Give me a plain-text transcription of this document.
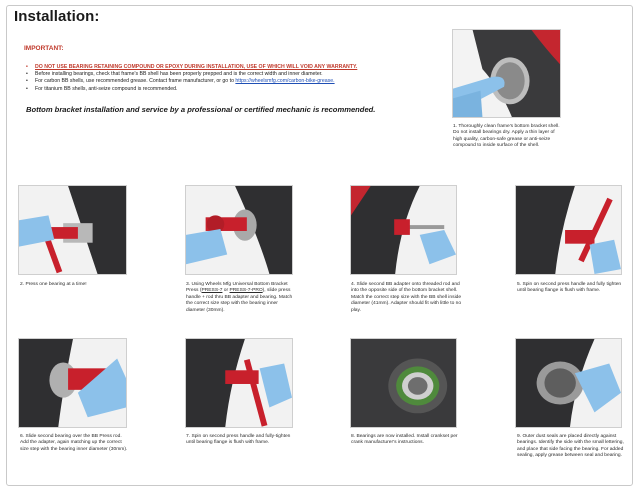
Installation:
IMPORTANT:
• DO NOT USE BEARING RETAINING COMPOUND OR EPOXY DURING INSTALLATION, USE OF WHICH WILL VOID ANY WARRANTY.
• Before installing bearings, check that frame's BB shell has been properly prepped and is the correct width and inner diameter.
• For carbon BB shells, use recommended grease. Contact frame manufacturer, or go to https://wheelsmfg.com/carbon-bike-grease.
• For titanium BB shells, anti-seize compound is recommended.
Bottom bracket installation and service by a professional or certified mechanic is recommended.
1. Thoroughly clean frame's bottom bracket shell. Do not install bearings dry. Apply a thin layer of high quality, carbon-safe grease or anti-seize compound to inside surface of the shell.
2. Press one bearing at a time!	3. Using Wheels Mfg Universal Bottom Bracket Press (PRESS-7 or PRESS-7-PRO), slide press handle + rod thru BB adapter and bearing. Match the correct size step with the bearing inner diameter (30mm).
4. Slide second BB adapter onto threaded rod and into the opposite side of the bottom bracket shell. Match the correct step size with the BB shell inside diameter (41mm). Adapter should fit with little to no play.
5. Spin on second press handle and fully tighten until bearing flange is flush with frame.
6. Slide second bearing over the BB Press rod. Add the adapter, again matching up the correct size step with the bearing inner diameter (30mm).
7. Spin on second press handle and fully-tighten until bearing flange is flush with frame.
8. Bearings are now installed. Install crankset per crank manufacturer's instructions.
9. Outer dust seals are placed directly against bearings. Identify the side with the small lettering, and place that side facing the bearing. For added sealing, apply grease between seal and bearing.
